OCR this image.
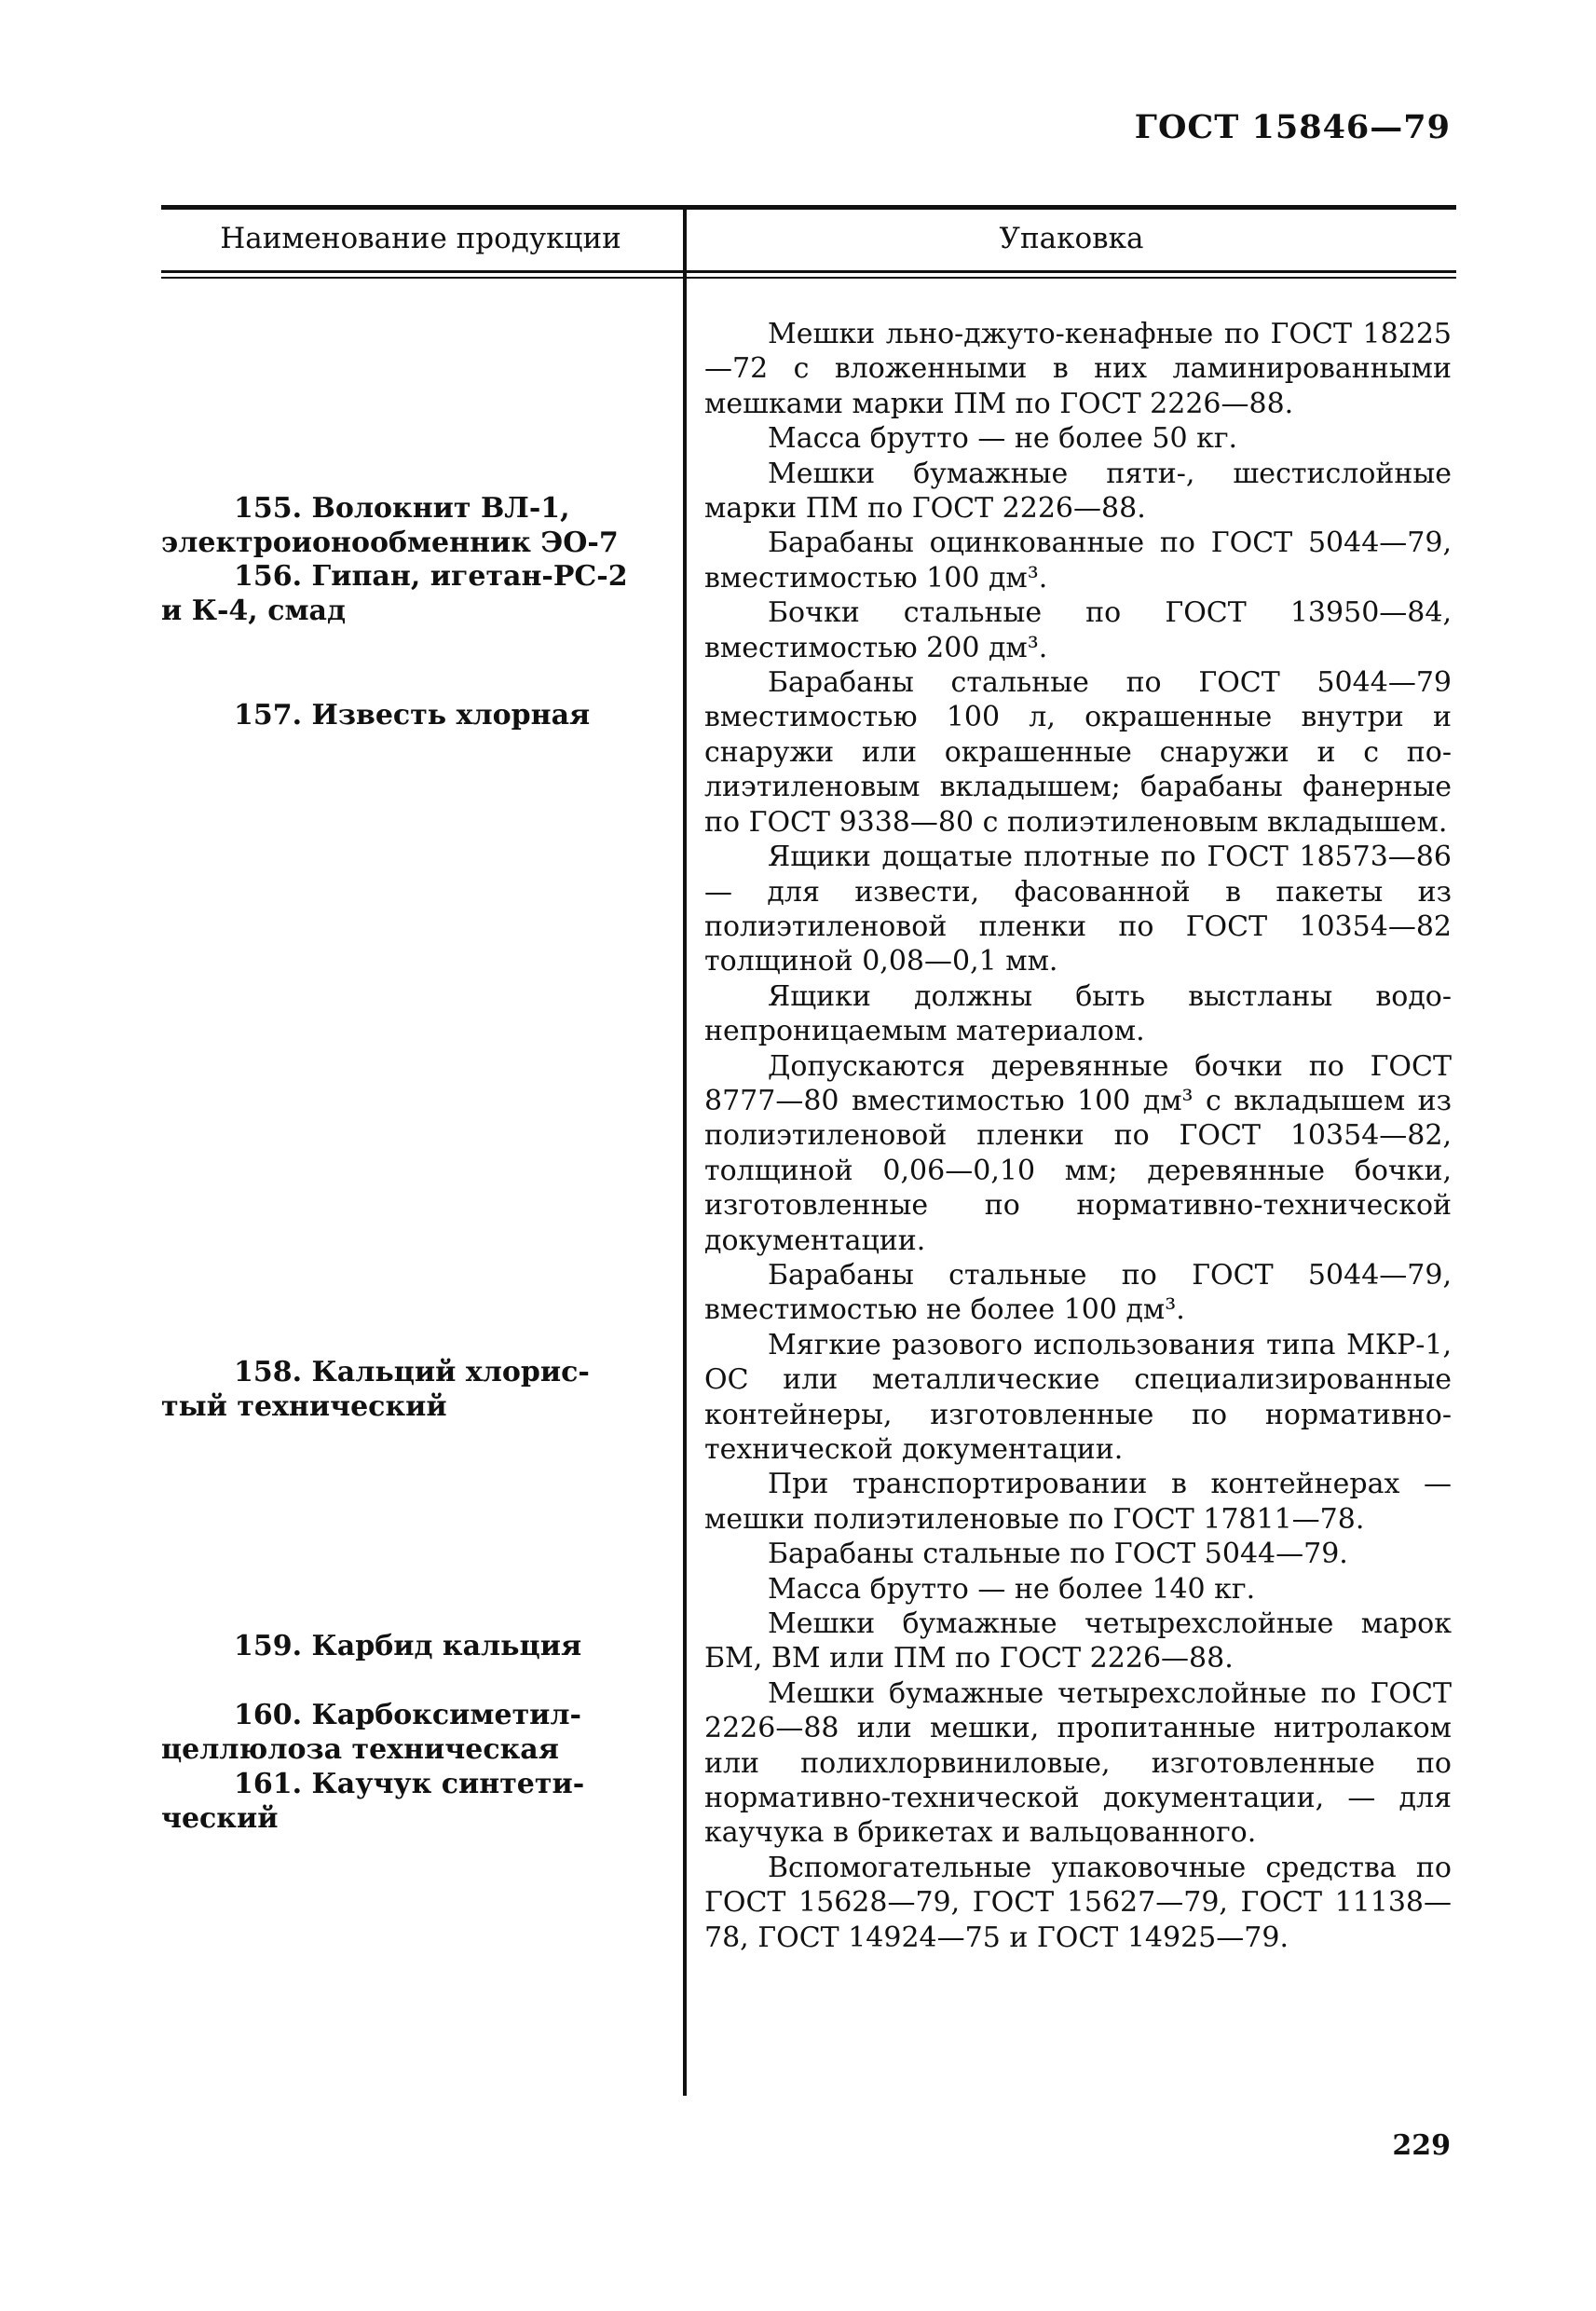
ГОСТ 15846—79
Наименование продукции	Упаковка
155. Волокнит ВЛ-1,
электроионообменник ЭО-7
156. Гипан, игетан-РС-2
и К-4, смад
157. Известь хлорная
158. Кальций хлорис-
тый технический
159. Карбид кальция
160. Карбоксиметил-
целлюлоза техническая
161. Каучук синтети-
ческий

Мешки льно-джуто-кенафные по ГОСТ 18225—72 с вложенными в них ламинированными мешками марки ПМ по ГОСТ 2226—88.

Масса брутто — не более 50 кг.

Мешки бумажные пяти-, шестислойные марки ПМ по ГОСТ 2226—88.

Барабаны оцинкованные по ГОСТ 5044—79, вместимостью 100 дм³.

Бочки стальные по ГОСТ 13950—84, вместимостью 200 дм³.

Барабаны стальные по ГОСТ 5044—79 вместимостью 100 л, окрашенные внутри и снаружи или окрашенные снаружи и с полиэтиленовым вкладышем; барабаны фанерные по ГОСТ 9338—80 с полиэтиленовым вкладышем.

Ящики дощатые плотные по ГОСТ 18573—86 — для извести, фасованной в пакеты из полиэтиленовой пленки по ГОСТ 10354—82 толщиной 0,08—0,1 мм.

Ящики должны быть выстланы водонепроницаемым материалом.

Допускаются деревянные бочки по ГОСТ 8777—80 вместимостью 100 дм³ с вкладышем из полиэтиленовой пленки по ГОСТ 10354—82, толщиной 0,06—0,10 мм; деревянные бочки, изготовленные по нормативно-технической документации.

Барабаны стальные по ГОСТ 5044—79, вместимостью не более 100 дм³.

Мягкие разового использования типа МКР-1, ОС или металлические специализированные контейнеры, изготовленные по нормативно-технической документации.

При транспортировании в контейнерах — мешки полиэтиленовые по ГОСТ 17811—78.

Барабаны стальные по ГОСТ 5044—79.

Масса брутто — не более 140 кг.

Мешки бумажные четырехслойные марок БМ, ВМ или ПМ по ГОСТ 2226—88.

Мешки бумажные четырехслойные по ГОСТ 2226—88 или мешки, пропитанные нитролаком или полихлорвиниловые, изготовленные по нормативно-технической документации, — для каучука в брикетах и вальцованного.

Вспомогательные упаковочные средства по ГОСТ 15628—79, ГОСТ 15627—79, ГОСТ 11138—78, ГОСТ 14924—75 и ГОСТ 14925—79.

229
